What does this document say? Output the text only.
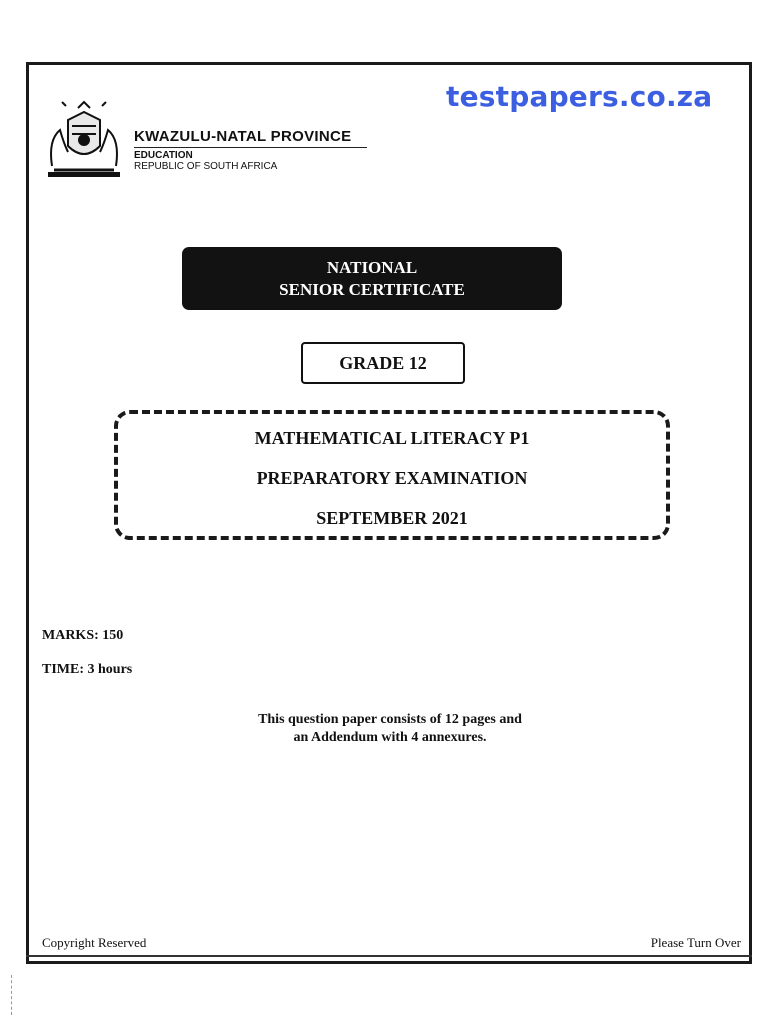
testpapers.co.za
KWAZULU-NATAL PROVINCE
EDUCATION
REPUBLIC OF SOUTH AFRICA
NATIONAL
SENIOR CERTIFICATE
GRADE 12
MATHEMATICAL LITERACY P1
PREPARATORY EXAMINATION
SEPTEMBER 2021
MARKS: 150
TIME: 3 hours
This question paper consists of 12 pages and
an Addendum with 4 annexures.
Copyright Reserved	Please Turn Over
